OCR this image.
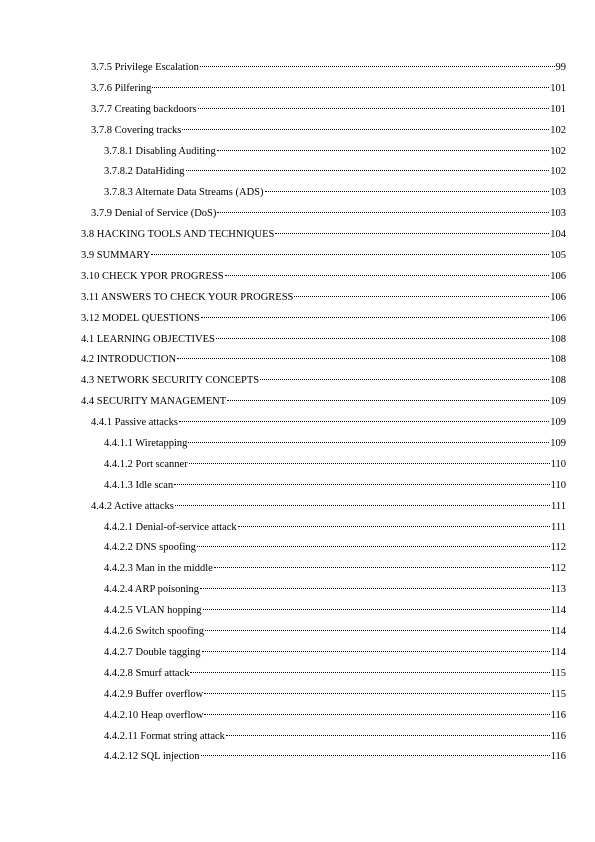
3.7.5 Privilege Escalation	99
3.7.6 Pilfering	101
3.7.7 Creating backdoors	101
3.7.8 Covering tracks	102
3.7.8.1 Disabling Auditing	102
3.7.8.2 DataHiding	102
3.7.8.3 Alternate Data Streams (ADS)	103
3.7.9 Denial of Service (DoS)	103
3.8 HACKING TOOLS AND TECHNIQUES	104
3.9 SUMMARY	105
3.10 CHECK YPOR PROGRESS	106
3.11 ANSWERS TO CHECK YOUR PROGRESS	106
3.12 MODEL QUESTIONS	106
4.1 LEARNING OBJECTIVES	108
4.2 INTRODUCTION	108
4.3 NETWORK SECURITY CONCEPTS	108
4.4 SECURITY MANAGEMENT	109
4.4.1 Passive attacks	109
4.4.1.1 Wiretapping	109
4.4.1.2 Port scanner	110
4.4.1.3 Idle scan	110
4.4.2 Active attacks	111
4.4.2.1 Denial-of-service attack	111
4.4.2.2 DNS spoofing	112
4.4.2.3 Man in the middle	112
4.4.2.4 ARP poisoning	113
4.4.2.5 VLAN hopping	114
4.4.2.6 Switch spoofing	114
4.4.2.7 Double tagging	114
4.4.2.8 Smurf attack	115
4.4.2.9 Buffer overflow	115
4.4.2.10 Heap overflow	116
4.4.2.11 Format string attack	116
4.4.2.12 SQL injection	116
